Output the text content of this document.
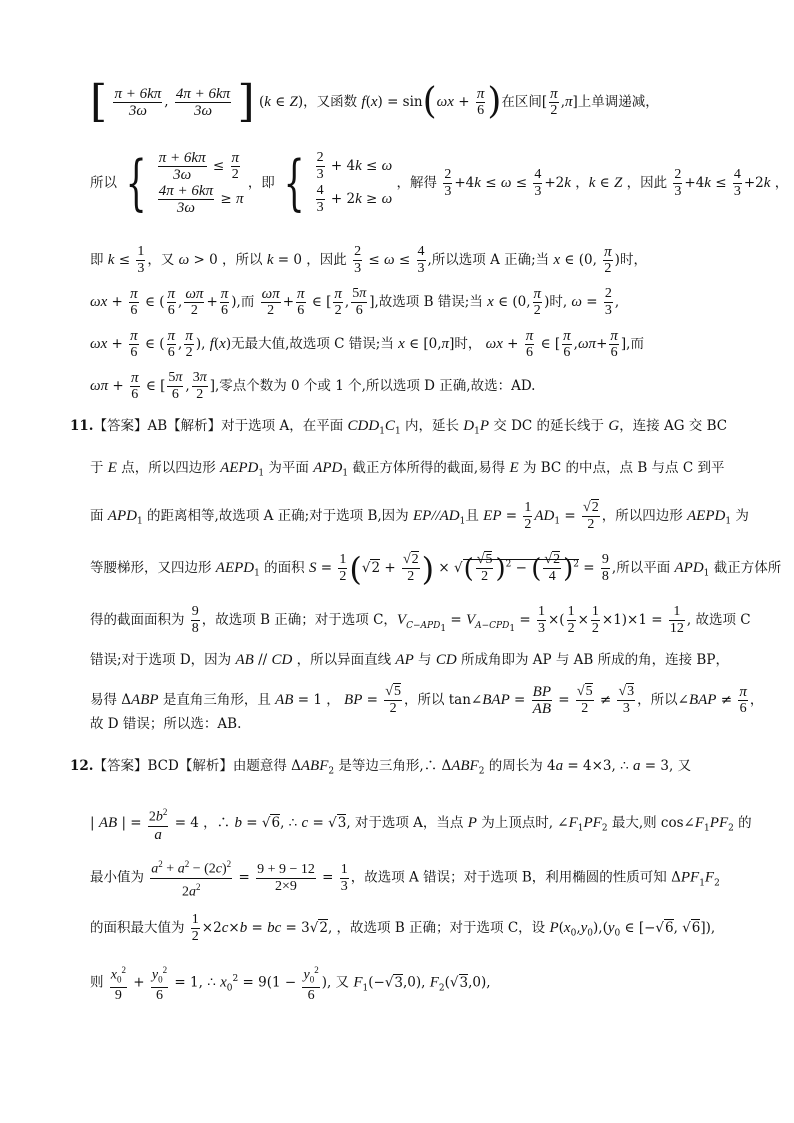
[ $\frac{\pi + 6k\pi}{3\omega}$ , $\frac{4\pi + 6k\pi}{3\omega}$ ] (k ∈ Z)，又函数 $f(x) = \sin(\omega x + \frac{\pi}{6}$ )在区间[ $\frac{\pi}{2} ,\pi$]上单调递减，
所以 { $\frac{\pi + 6k\pi}{3\omega} \le \frac{\pi}{2}$
$\frac{4\pi + 6k\pi}{3\omega} \ge \pi$
，即 { $\frac{2}{3} + 4k \le \omega$
$\frac{4}{3} + 2k \ge \omega$
，解得 $\frac{2}{3} +4k \le \omega \le \frac{4}{3} +2k$ ，k ∈ Z ，因此 $\frac{2}{3} +4k \le \frac{4}{3} +2k$ ，
即 $k \le \frac{1}{3}$ ，又 ω > 0 ，所以 k = 0 ，因此 $\frac{2}{3} \le \omega \le \frac{4}{3}$ ,所以选项 A 正确;当 x ∈ (0, $\frac{\pi}{2}$ )时，
$\omega x + \frac{\pi}{6}$ ∈ ( $\frac{\pi}{6}$ , $\frac{\omega\pi}{2} + \frac{\pi}{6}$ ),而 $\frac{\omega\pi}{2} + \frac{\pi}{6}$ ∈ [ $\frac{\pi}{2}$ , $\frac{5\pi}{6}$ ],故选项 B 错误;当 x ∈ (0, $\frac{\pi}{2}$ )时, $\omega = \frac{2}{3}$ ,
$\omega x + \frac{\pi}{6}$ ∈ ( $\frac{\pi}{6}$ , $\frac{\pi}{2}$ ), f(x)无最大值,故选项 C 错误;当 x ∈ [0,π]时， $\omega x + \frac{\pi}{6}$ ∈ [ $\frac{\pi}{6} ,\omega\pi+ \frac{\pi}{6}$ ],而
$\omega\pi + \frac{\pi}{6}$ ∈ [ $\frac{5\pi}{6}$ , $\frac{3\pi}{2}$ ],零点个数为 0 个或 1 个,所以选项 D 正确,故选：AD.
11.【答案】AB【解析】对于选项 A，在平面 $CDD_1C_1$ 内，延长 $D_1P$ 交 DC 的延长线于 G，连接 AG 交 BC
于 E 点，所以四边形 $AEPD_1$ 为平面 $APD_1$ 截正方体所得的截面,易得 E 为 BC 的中点，点 B 与点 C 到平
面 $APD_1$ 的距离相等,故选项 A 正确;对于选项 B,因为 $EP//AD_1$且 EP = $\frac{1}{2} AD_1 = \frac{√2}{2}$ ，所以四边形 $AEPD_1$ 为
等腰梯形，又四边形 $AEPD_1$ 的面积 $S = \frac{1}{2} (√2 + \frac{√2}{2}$ ) × √( $\frac{√5}{2} )^2$ − ( $\frac{√2}{4} )^2 = \frac{9}{8}$ ,所以平面 $APD_1$ 截正方体所
得的截面面积为 $\frac{9}{8}$ ，故选项 B 正确；对于选项 C，$V_{C-APD_1} = V_{A-CPD_1} = \frac{1}{3}$ ×( $\frac{1}{2} \times \frac{1}{2} \times 1)\times 1 = \frac{1}{12}$ , 故选项 C
错误;对于选项 D，因为 AB // CD ，所以异面直线 AP 与 CD 所成角即为 AP 与 AB 所成的角，连接 BP，
易得 ΔABP 是直角三角形，且 AB = 1 ， BP = $\frac{√5}{2}$ ，所以 tan∠BAP = $\frac{BP}{AB} = \frac{√5}{2} \ne \frac{√3}{3}$ ，所以∠BAP ≠ $\frac{\pi}{6}$ ，
故 D 错误；所以选：AB.
12.【答案】BCD【解析】由题意得 $\Delta ABF_2$ 是等边三角形,∴ $\Delta ABF_2$ 的周长为 4a = 4×3, ∴ a = 3, 又
| AB | = $\frac{2b^2}{a} = 4$ ，∴ b = √6, ∴ c = √3, 对于选项 A，当点 P 为上顶点时, $\angle F_1PF_2$ 最大,则 $\cos\angle F_1PF_2$ 的
最小值为 $\frac{a^2 + a^2 - (2c)^2}{2a^2} = \frac{9 + 9 - 12}{2\times 9} = \frac{1}{3}$ ，故选项 A 错误；对于选项 B，利用椭圆的性质可知 $\Delta PF_1F_2$
的面积最大值为 $\frac{1}{2} \times 2c\times b$ = bc = 3√2, ，故选项 B 正确；对于选项 C，设 $P(x_0,y_0),(y_0$ ∈ [−√6, √6]),
则 $\frac{x_0^2}{9} + \frac{y_0^2}{6} = 1$, ∴ $x_0^2 = 9(1 - \frac{y_0^2}{6}$ ), 又 $F_1(-√3,0)$, $F_2(√3,0)$,
